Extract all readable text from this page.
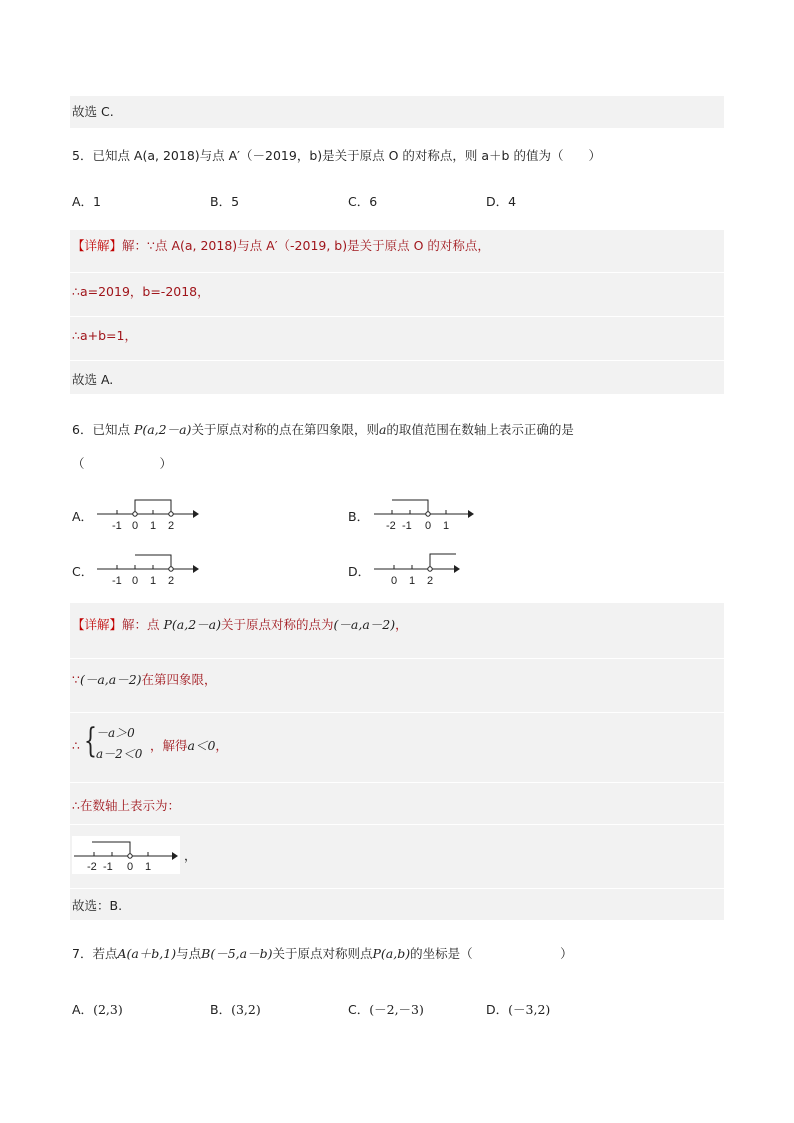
故选 C.
5．已知点 A(a, 2018)与点 A′（－2019，b)是关于原点 O 的对称点，则 a＋b 的值为（　　）
A．1	B．5	C．6	D．4
【详解】解：∵点 A(a, 2018)与点 A′（-2019, b)是关于原点 O 的对称点，
∴a=2019，b=-2018，
∴a+b=1，
故选 A.
6．已知点 P(a,2－a)关于原点对称的点在第四象限，则a的取值范围在数轴上表示正确的是
（　　　　　　）
A．
-1 0 1 2
B．
-2 -1 0 1
C．
-1 0 1 2
D．
0 1 2
【详解】解：点 P(a,2－a)关于原点对称的点为(－a,a－2)，
∵(－a,a－2)在第四象限，
∴ { －a＞0
a－2＜0
，解得a＜0，
∴在数轴上表示为：
-2 -1 0 1
，
故选：B.
7．若点A(a＋b,1)与点B(－5,a－b)关于原点对称则点P(a,b)的坐标是（　　　　　　　）
A．(2,3)	B．(3,2)	C．(－2,－3)	D．(－3,2)
